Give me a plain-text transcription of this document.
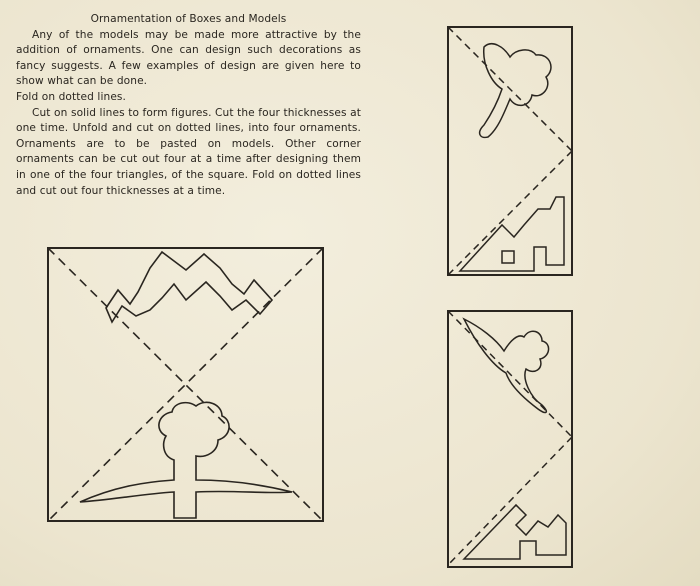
Ornamentation of Boxes and Models

Any of the models may be made more attractive by the addition of ornaments. One can design such decorations as fancy suggests. A few examples of design are given here to show what can be done.

Fold on dotted lines.

Cut on solid lines to form figures. Cut the four thicknesses at one time. Unfold and cut on dotted lines, into four ornaments. Ornaments are to be pasted on models. Other corner ornaments can be cut out four at a time after designing them in one of the four triangles, of the square. Fold on dotted lines and cut out four thicknesses at a time.
